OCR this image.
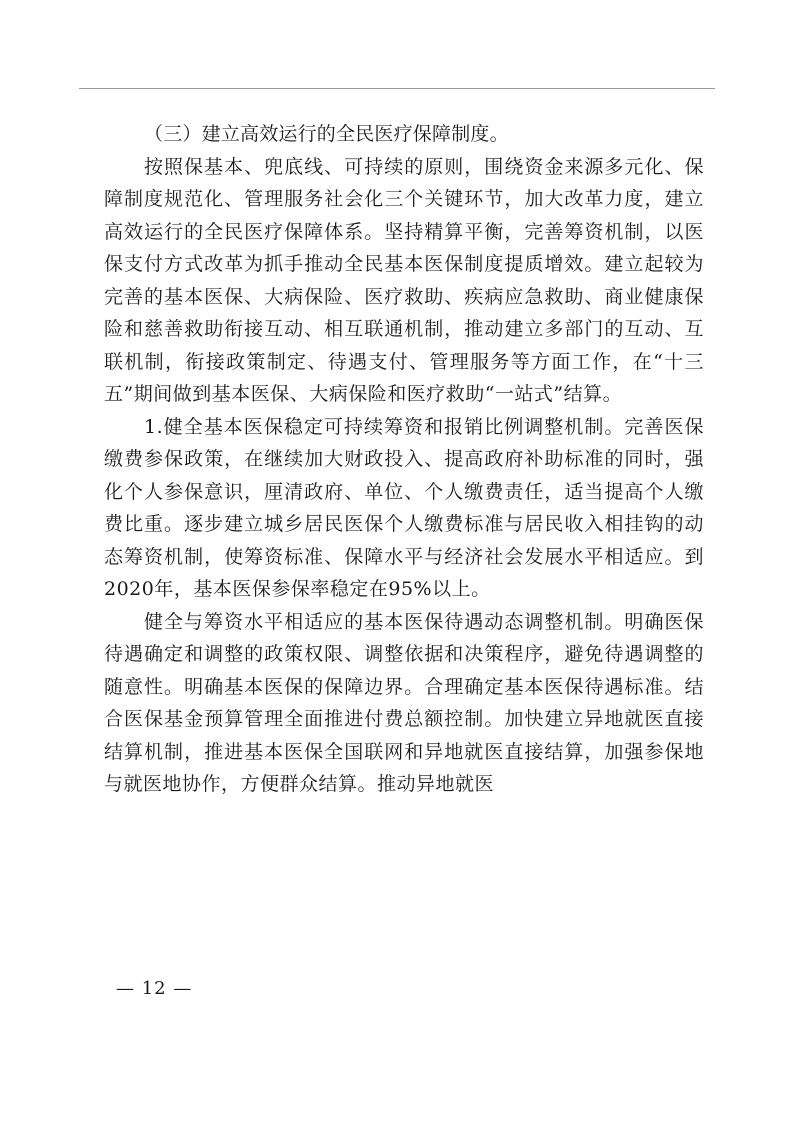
（三）建立高效运行的全民医疗保障制度。

按照保基本、兜底线、可持续的原则，围绕资金来源多元化、保障制度规范化、管理服务社会化三个关键环节，加大改革力度，建立高效运行的全民医疗保障体系。坚持精算平衡，完善筹资机制，以医保支付方式改革为抓手推动全民基本医保制度提质增效。建立起较为完善的基本医保、大病保险、医疗救助、疾病应急救助、商业健康保险和慈善救助衔接互动、相互联通机制，推动建立多部门的互动、互联机制，衔接政策制定、待遇支付、管理服务等方面工作，在“十三五”期间做到基本医保、大病保险和医疗救助“一站式”结算。

1.健全基本医保稳定可持续筹资和报销比例调整机制。完善医保缴费参保政策，在继续加大财政投入、提高政府补助标准的同时，强化个人参保意识，厘清政府、单位、个人缴费责任，适当提高个人缴费比重。逐步建立城乡居民医保个人缴费标准与居民收入相挂钩的动态筹资机制，使筹资标准、保障水平与经济社会发展水平相适应。到2020年，基本医保参保率稳定在95%以上。

健全与筹资水平相适应的基本医保待遇动态调整机制。明确医保待遇确定和调整的政策权限、调整依据和决策程序，避免待遇调整的随意性。明确基本医保的保障边界。合理确定基本医保待遇标准。结合医保基金预算管理全面推进付费总额控制。加快建立异地就医直接结算机制，推进基本医保全国联网和异地就医直接结算，加强参保地与就医地协作，方便群众结算。推动异地就医

— 12 —
